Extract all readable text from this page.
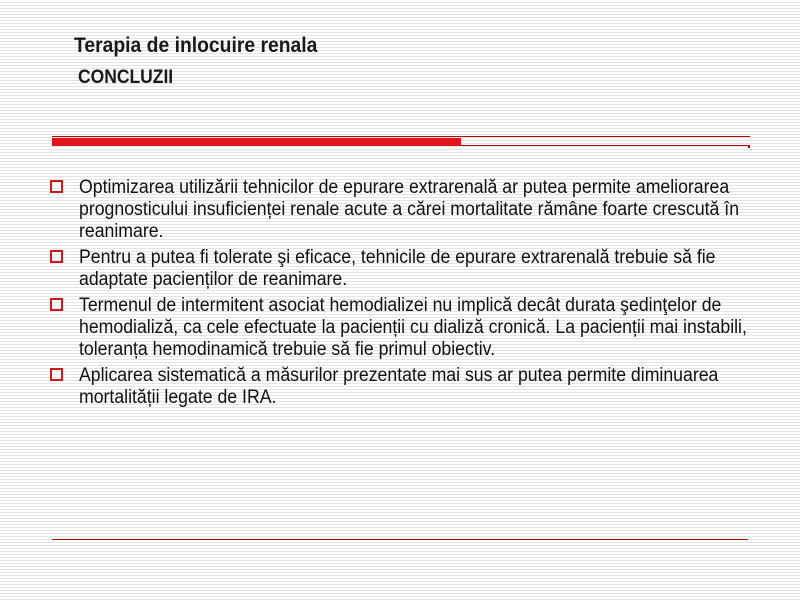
Terapia de inlocuire renala
CONCLUZII
Optimizarea utilizării tehnicilor de epurare extrarenală ar putea permite ameliorarea prognosticului insuficienței renale acute a cărei mortalitate rămâne foarte crescută în reanimare.
Pentru a putea fi tolerate şi eficace, tehnicile de epurare extrarenală trebuie să fie adaptate pacienților de reanimare.
Termenul de intermitent asociat hemodializei nu implică decât durata şedinţelor de hemodializă, ca cele efectuate la pacienții cu dializă cronică. La pacienții mai instabili, toleranța hemodinamică trebuie să fie primul obiectiv.
Aplicarea sistematică a măsurilor prezentate mai sus ar putea permite diminuarea mortalității legate de IRA.
